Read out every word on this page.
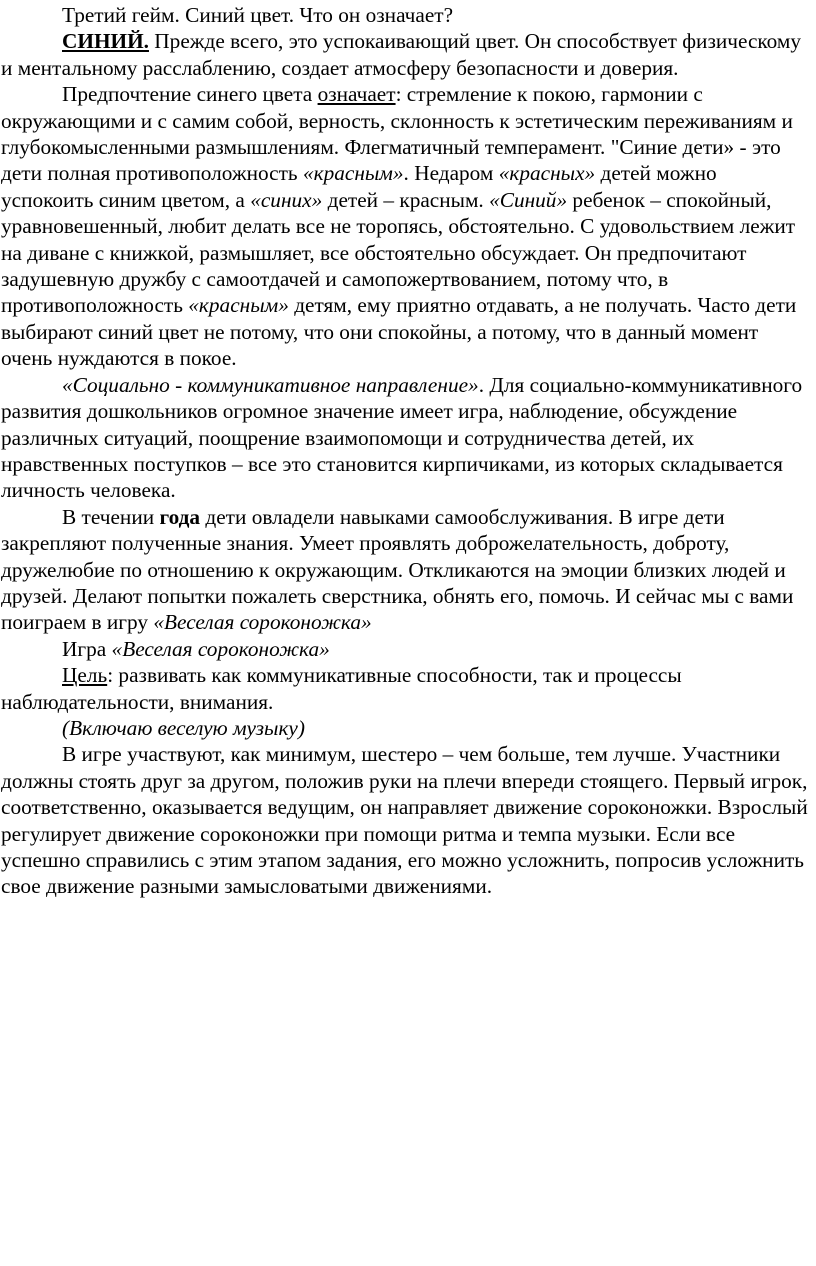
Третий гейм. Синий цвет. Что он означает?

СИНИЙ. Прежде всего, это успокаивающий цвет. Он способствует физическому и ментальному расслаблению, создает атмосферу безопасности и доверия.

Предпочтение синего цвета означает: стремление к покою, гармонии с окружающими и с самим собой, верность, склонность к эстетическим переживаниям и глубокомысленными размышлениям. Флегматичный темперамент. "Синие дети» - это дети полная противоположность «красным». Недаром «красных» детей можно успокоить синим цветом, а «синих» детей – красным. «Синий» ребенок – спокойный, уравновешенный, любит делать все не торопясь, обстоятельно. С удовольствием лежит на диване с книжкой, размышляет, все обстоятельно обсуждает. Он предпочитают задушевную дружбу с самоотдачей и самопожертвованием, потому что, в противоположность «красным» детям, ему приятно отдавать, а не получать. Часто дети выбирают синий цвет не потому, что они спокойны, а потому, что в данный момент очень нуждаются в покое.

«Социально - коммуникативное направление». Для социально-коммуникативного развития дошкольников огромное значение имеет игра, наблюдение, обсуждение различных ситуаций, поощрение взаимопомощи и сотрудничества детей, их нравственных поступков – все это становится кирпичиками, из которых складывается личность человека.

В течении года дети овладели навыками самообслуживания. В игре дети закрепляют полученные знания. Умеет проявлять доброжелательность, доброту, дружелюбие по отношению к окружающим. Откликаются на эмоции близких людей и друзей. Делают попытки пожалеть сверстника, обнять его, помочь. И сейчас мы с вами поиграем в игру «Веселая сороконожка»

Игра «Веселая сороконожка»

Цель: развивать как коммуникативные способности, так и процессы наблюдательности, внимания.

(Включаю веселую музыку)

В игре участвуют, как минимум, шестеро – чем больше, тем лучше. Участники должны стоять друг за другом, положив руки на плечи впереди стоящего. Первый игрок, соответственно, оказывается ведущим, он направляет движение сороконожки. Взрослый регулирует движение сороконожки при помощи ритма и темпа музыки. Если все успешно справились с этим этапом задания, его можно усложнить, попросив усложнить свое движение разными замысловатыми движениями.
